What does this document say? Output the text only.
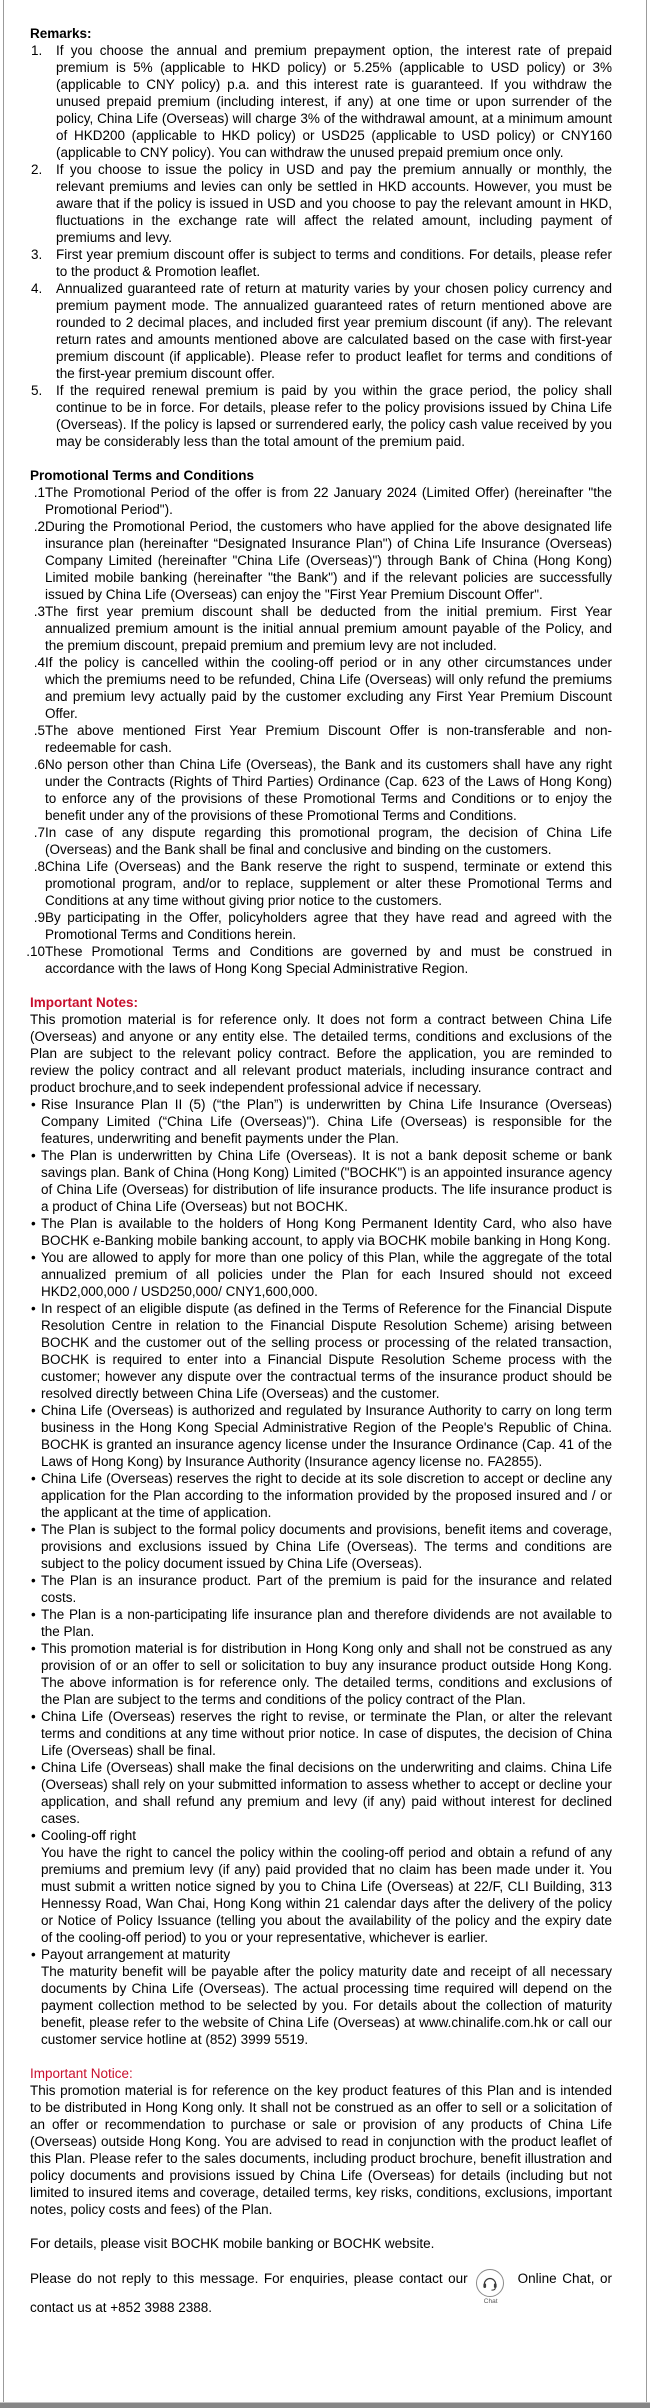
Remarks:
If you choose the annual and premium prepayment option, the interest rate of prepaid premium is 5% (applicable to HKD policy) or 5.25% (applicable to USD policy) or 3% (applicable to CNY policy) p.a. and this interest rate is guaranteed. If you withdraw the unused prepaid premium (including interest, if any) at one time or upon surrender of the policy, China Life (Overseas) will charge 3% of the withdrawal amount, at a minimum amount of HKD200 (applicable to HKD policy) or USD25 (applicable to USD policy) or CNY160 (applicable to CNY policy). You can withdraw the unused prepaid premium once only.
If you choose to issue the policy in USD and pay the premium annually or monthly, the relevant premiums and levies can only be settled in HKD accounts. However, you must be aware that if the policy is issued in USD and you choose to pay the relevant amount in HKD, fluctuations in the exchange rate will affect the related amount, including payment of premiums and levy.
First year premium discount offer is subject to terms and conditions. For details, please refer to the product & Promotion leaflet.
Annualized guaranteed rate of return at maturity varies by your chosen policy currency and premium payment mode. The annualized guaranteed rates of return mentioned above are rounded to 2 decimal places, and included first year premium discount (if any). The relevant return rates and amounts mentioned above are calculated based on the case with first-year premium discount (if applicable). Please refer to product leaflet for terms and conditions of the first-year premium discount offer.
If the required renewal premium is paid by you within the grace period, the policy shall continue to be in force. For details, please refer to the policy provisions issued by China Life (Overseas). If the policy is lapsed or surrendered early, the policy cash value received by you may be considerably less than the total amount of the premium paid.
Promotional Terms and Conditions
The Promotional Period of the offer is from 22 January 2024 (Limited Offer) (hereinafter "the Promotional Period").
During the Promotional Period, the customers who have applied for the above designated life insurance plan (hereinafter “Designated Insurance Plan") of China Life Insurance (Overseas) Company Limited (hereinafter "China Life (Overseas)") through Bank of China (Hong Kong) Limited mobile banking (hereinafter "the Bank") and if the relevant policies are successfully issued by China Life (Overseas) can enjoy the "First Year Premium Discount Offer".
The first year premium discount shall be deducted from the initial premium. First Year annualized premium amount is the initial annual premium amount payable of the Policy, and the premium discount, prepaid premium and premium levy are not included.
If the policy is cancelled within the cooling-off period or in any other circumstances under which the premiums need to be refunded, China Life (Overseas) will only refund the premiums and premium levy actually paid by the customer excluding any First Year Premium Discount Offer.
The above mentioned First Year Premium Discount Offer is non-transferable and non-redeemable for cash.
No person other than China Life (Overseas), the Bank and its customers shall have any right under the Contracts (Rights of Third Parties) Ordinance (Cap. 623 of the Laws of Hong Kong) to enforce any of the provisions of these Promotional Terms and Conditions or to enjoy the benefit under any of the provisions of these Promotional Terms and Conditions.
In case of any dispute regarding this promotional program, the decision of China Life (Overseas) and the Bank shall be final and conclusive and binding on the customers.
China Life (Overseas) and the Bank reserve the right to suspend, terminate or extend this promotional program, and/or to replace, supplement or alter these Promotional Terms and Conditions at any time without giving prior notice to the customers.
By participating in the Offer, policyholders agree that they have read and agreed with the Promotional Terms and Conditions herein.
These Promotional Terms and Conditions are governed by and must be construed in accordance with the laws of Hong Kong Special Administrative Region.
Important Notes:
This promotion material is for reference only. It does not form a contract between China Life (Overseas) and anyone or any entity else. The detailed terms, conditions and exclusions of the Plan are subject to the relevant policy contract. Before the application, you are reminded to review the policy contract and all relevant product materials, including insurance contract and product brochure,and to seek independent professional advice if necessary.
• Rise Insurance Plan II (5) (“the Plan”) is underwritten by China Life Insurance (Overseas) Company Limited (“China Life (Overseas)"). China Life (Overseas) is responsible for the features, underwriting and benefit payments under the Plan.
• The Plan is underwritten by China Life (Overseas). It is not a bank deposit scheme or bank savings plan. Bank of China (Hong Kong) Limited ("BOCHK") is an appointed insurance agency of China Life (Overseas) for distribution of life insurance products. The life insurance product is a product of China Life (Overseas) but not BOCHK.
• The Plan is available to the holders of Hong Kong Permanent Identity Card, who also have BOCHK e-Banking mobile banking account, to apply via BOCHK mobile banking in Hong Kong.
• You are allowed to apply for more than one policy of this Plan, while the aggregate of the total annualized premium of all policies under the Plan for each Insured should not exceed HKD2,000,000 / USD250,000/ CNY1,600,000.
• In respect of an eligible dispute (as defined in the Terms of Reference for the Financial Dispute Resolution Centre in relation to the Financial Dispute Resolution Scheme) arising between BOCHK and the customer out of the selling process or processing of the related transaction, BOCHK is required to enter into a Financial Dispute Resolution Scheme process with the customer; however any dispute over the contractual terms of the insurance product should be resolved directly between China Life (Overseas) and the customer.
• China Life (Overseas) is authorized and regulated by Insurance Authority to carry on long term business in the Hong Kong Special Administrative Region of the People's Republic of China. BOCHK is granted an insurance agency license under the Insurance Ordinance (Cap. 41 of the Laws of Hong Kong) by Insurance Authority (Insurance agency license no. FA2855).
• China Life (Overseas) reserves the right to decide at its sole discretion to accept or decline any application for the Plan according to the information provided by the proposed insured and / or the applicant at the time of application.
• The Plan is subject to the formal policy documents and provisions, benefit items and coverage, provisions and exclusions issued by China Life (Overseas). The terms and conditions are subject to the policy document issued by China Life (Overseas).
• The Plan is an insurance product. Part of the premium is paid for the insurance and related costs.
• The Plan is a non-participating life insurance plan and therefore dividends are not available to the Plan.
• This promotion material is for distribution in Hong Kong only and shall not be construed as any provision of or an offer to sell or solicitation to buy any insurance product outside Hong Kong. The above information is for reference only. The detailed terms, conditions and exclusions of the Plan are subject to the terms and conditions of the policy contract of the Plan.
• China Life (Overseas) reserves the right to revise, or terminate the Plan, or alter the relevant terms and conditions at any time without prior notice. In case of disputes, the decision of China Life (Overseas) shall be final.
• China Life (Overseas) shall make the final decisions on the underwriting and claims. China Life (Overseas) shall rely on your submitted information to assess whether to accept or decline your application, and shall refund any premium and levy (if any) paid without interest for declined cases.
• Cooling-off right
You have the right to cancel the policy within the cooling-off period and obtain a refund of any premiums and premium levy (if any) paid provided that no claim has been made under it. You must submit a written notice signed by you to China Life (Overseas) at 22/F, CLI Building, 313 Hennessy Road, Wan Chai, Hong Kong within 21 calendar days after the delivery of the policy or Notice of Policy Issuance (telling you about the availability of the policy and the expiry date of the cooling-off period) to you or your representative, whichever is earlier.
• Payout arrangement at maturity
The maturity benefit will be payable after the policy maturity date and receipt of all necessary documents by China Life (Overseas). The actual processing time required will depend on the payment collection method to be selected by you. For details about the collection of maturity benefit, please refer to the website of China Life (Overseas) at www.chinalife.com.hk or call our customer service hotline at (852) 3999 5519.
Important Notice:
This promotion material is for reference on the key product features of this Plan and is intended to be distributed in Hong Kong only. It shall not be construed as an offer to sell or a solicitation of an offer or recommendation to purchase or sale or provision of any products of China Life (Overseas) outside Hong Kong. You are advised to read in conjunction with the product leaflet of this Plan. Please refer to the sales documents, including product brochure, benefit illustration and policy documents and provisions issued by China Life (Overseas) for details (including but not limited to insured items and coverage, detailed terms, key risks, conditions, exclusions, important notes, policy costs and fees) of the Plan.
For details, please visit BOCHK mobile banking or BOCHK website.
Please do not reply to this message. For enquiries, please contact our
Chat
Online Chat, or contact us at +852 3988 2388.
